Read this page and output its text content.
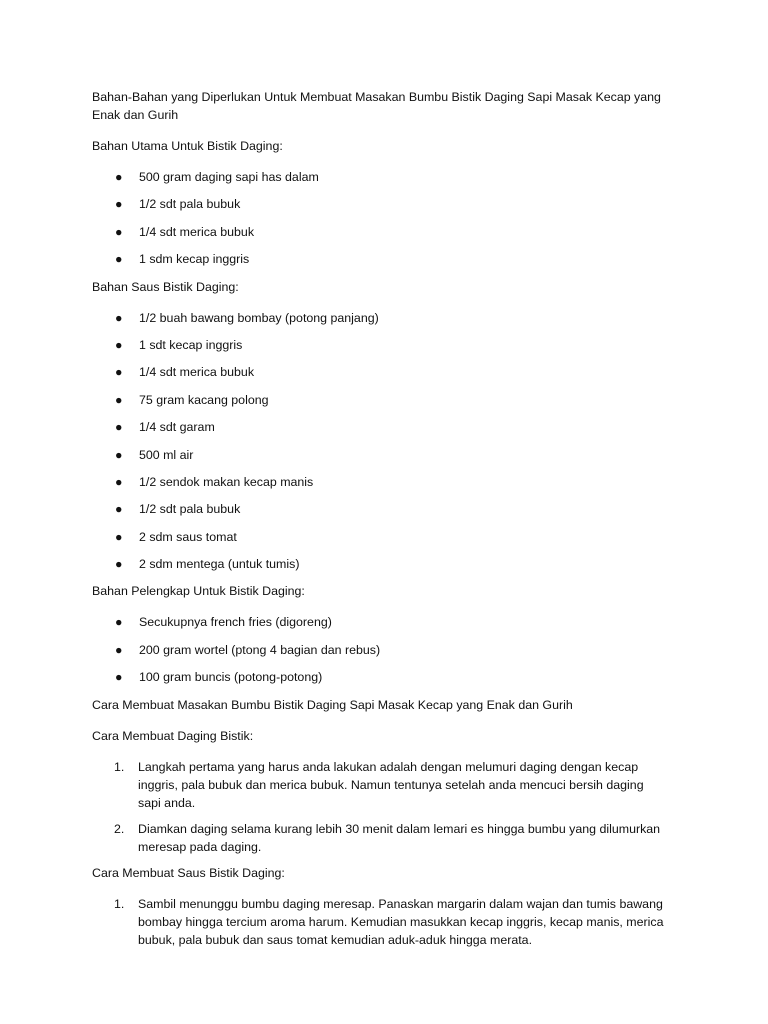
Bahan-Bahan yang Diperlukan Untuk Membuat Masakan Bumbu Bistik Daging Sapi Masak Kecap yang Enak dan Gurih

Bahan Utama Untuk Bistik Daging:

● 500 gram daging sapi has dalam
● 1/2 sdt pala bubuk
● 1/4 sdt merica bubuk
● 1 sdm kecap inggris

Bahan Saus Bistik Daging:

● 1/2 buah bawang bombay (potong panjang)
● 1 sdt kecap inggris
● 1/4 sdt merica bubuk
● 75 gram kacang polong
● 1/4 sdt garam
● 500 ml air
● 1/2 sendok makan kecap manis
● 1/2 sdt pala bubuk
● 2 sdm saus tomat
● 2 sdm mentega (untuk tumis)

Bahan Pelengkap Untuk Bistik Daging:

● Secukupnya french fries (digoreng)
● 200 gram wortel (ptong 4 bagian dan rebus)
● 100 gram buncis (potong-potong)

Cara Membuat Masakan Bumbu Bistik Daging Sapi Masak Kecap yang Enak dan Gurih

Cara Membuat Daging Bistik:

1. Langkah pertama yang harus anda lakukan adalah dengan melumuri daging dengan kecap inggris, pala bubuk dan merica bubuk. Namun tentunya setelah anda mencuci bersih daging sapi anda.
2. Diamkan daging selama kurang lebih 30 menit dalam lemari es hingga bumbu yang dilumurkan meresap pada daging.

Cara Membuat Saus Bistik Daging:

1. Sambil menunggu bumbu daging meresap. Panaskan margarin dalam wajan dan tumis bawang bombay hingga tercium aroma harum. Kemudian masukkan kecap inggris, kecap manis, merica bubuk, pala bubuk dan saus tomat kemudian aduk-aduk hingga merata.
